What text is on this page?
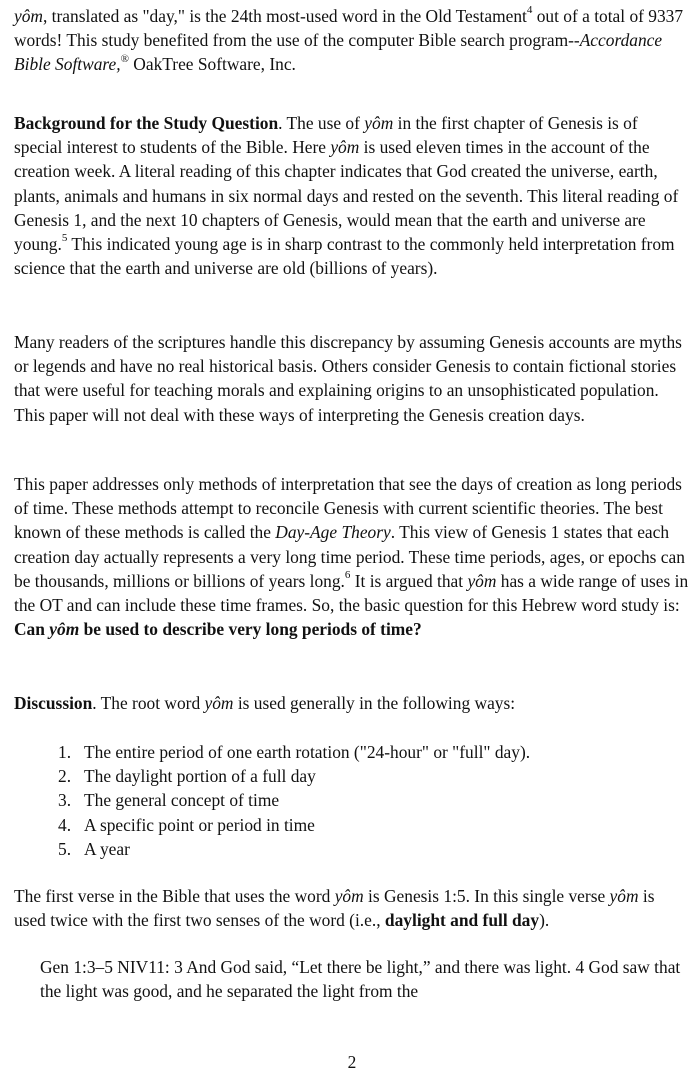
yôm, translated as "day," is the 24th most-used word in the Old Testament$^4$ out of a total of 9337 words! This study benefited from the use of the computer Bible search program--Accordance Bible Software,® OakTree Software, Inc.

Background for the Study Question. The use of yôm in the first chapter of Genesis is of special interest to students of the Bible. Here yôm is used eleven times in the account of the creation week. A literal reading of this chapter indicates that God created the universe, earth, plants, animals and humans in six normal days and rested on the seventh. This literal reading of Genesis 1, and the next 10 chapters of Genesis, would mean that the earth and universe are young.$^5$ This indicated young age is in sharp contrast to the commonly held interpretation from science that the earth and universe are old (billions of years).

Many readers of the scriptures handle this discrepancy by assuming Genesis accounts are myths or legends and have no real historical basis. Others consider Genesis to contain fictional stories that were useful for teaching morals and explaining origins to an unsophisticated population. This paper will not deal with these ways of interpreting the Genesis creation days.

This paper addresses only methods of interpretation that see the days of creation as long periods of time. These methods attempt to reconcile Genesis with current scientific theories. The best known of these methods is called the Day-Age Theory. This view of Genesis 1 states that each creation day actually represents a very long time period. These time periods, ages, or epochs can be thousands, millions or billions of years long.$^6$ It is argued that yôm has a wide range of uses in the OT and can include these time frames. So, the basic question for this Hebrew word study is: Can yôm be used to describe very long periods of time?

Discussion. The root word yôm is used generally in the following ways:

1. The entire period of one earth rotation ("24-hour" or "full" day).
2. The daylight portion of a full day
3. The general concept of time
4. A specific point or period in time
5. A year

The first verse in the Bible that uses the word yôm is Genesis 1:5. In this single verse yôm is used twice with the first two senses of the word (i.e., daylight and full day).

Gen 1:3–5 NIV11: 3 And God said, “Let there be light,” and there was light. 4 God saw that the light was good, and he separated the light from the

2
